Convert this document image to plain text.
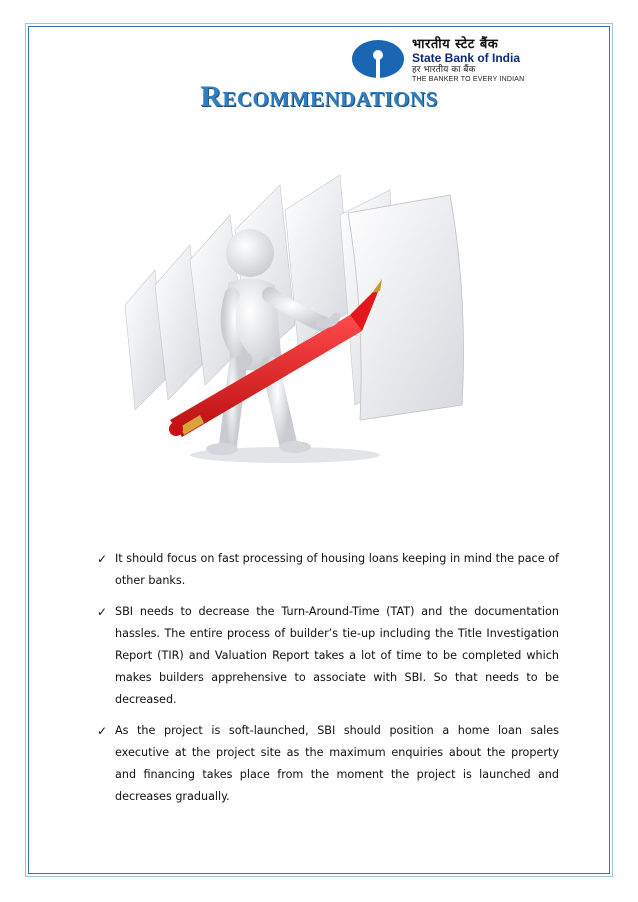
भारतीय स्टेट बैंक
State Bank of India
हर भारतीय का बैंक
THE BANKER TO EVERY INDIAN
Recommendations
✓ It should focus on fast processing of housing loans keeping in mind the pace of other banks.
✓ SBI needs to decrease the Turn-Around-Time (TAT) and the documentation hassles. The entire process of builder’s tie-up including the Title Investigation Report (TIR) and Valuation Report takes a lot of time to be completed which makes builders apprehensive to associate with SBI. So that needs to be decreased.
✓ As the project is soft-launched, SBI should position a home loan sales executive at the project site as the maximum enquiries about the property and financing takes place from the moment the project is launched and decreases gradually.
